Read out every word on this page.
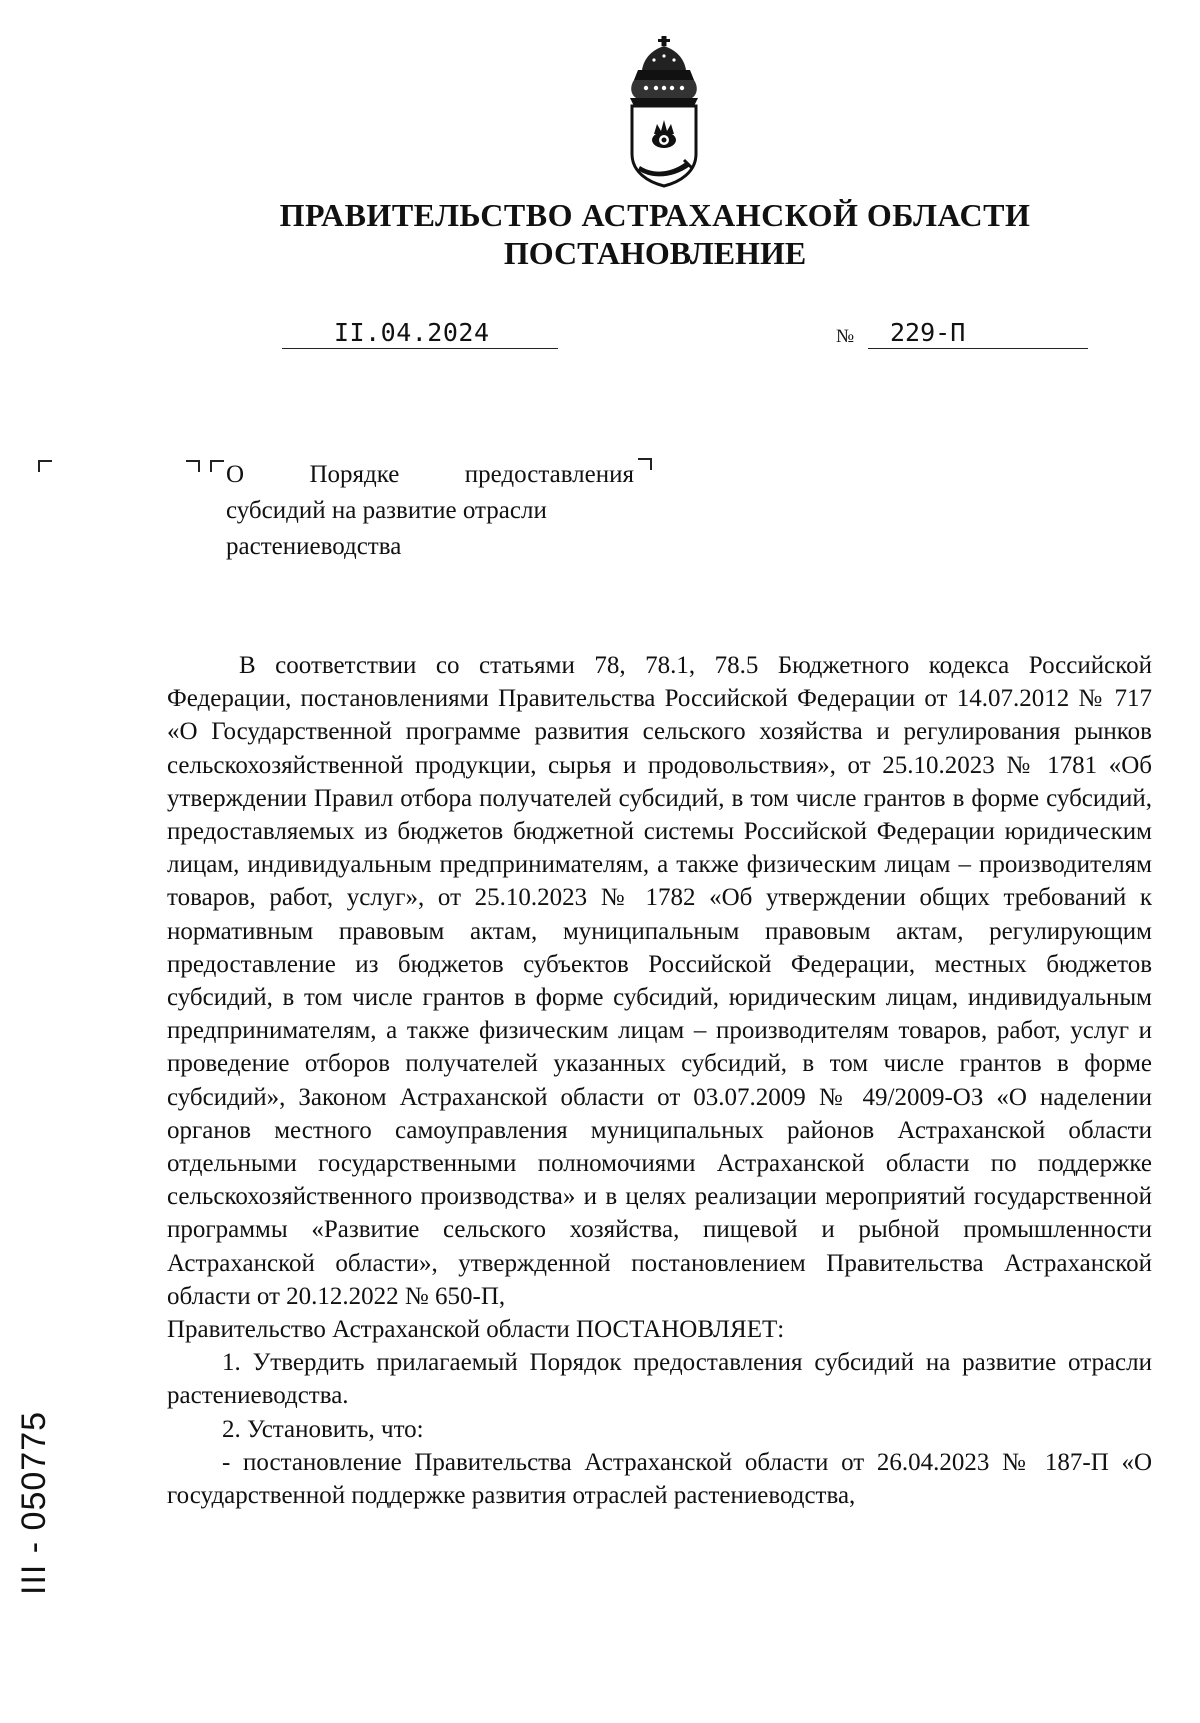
ПРАВИТЕЛЬСТВО АСТРАХАНСКОЙ ОБЛАСТИ
ПОСТАНОВЛЕНИЕ
II.04.2024	№	229-П
О	Порядке	предоставления
субсидий на развитие отрасли
растениеводства

В соответствии со статьями 78, 78.1, 78.5 Бюджетного кодекса Российской Федерации, постановлениями Правительства Российской Федерации от 14.07.2012 № 717 «О Государственной программе развития сельского хозяйства и регулирования рынков сельскохозяйственной продукции, сырья и продовольствия», от 25.10.2023 № 1781 «Об утверждении Правил отбора получателей субсидий, в том числе грантов в форме субсидий, предоставляемых из бюджетов бюджетной системы Российской Федерации юридическим лицам, индивидуальным предпринимателям, а также физическим лицам – производителям товаров, работ, услуг», от 25.10.2023 № 1782 «Об утверждении общих требований к нормативным правовым актам, муниципальным правовым актам, регулирующим предоставление из бюджетов субъектов Российской Федерации, местных бюджетов субсидий, в том числе грантов в форме субсидий, юридическим лицам, индивидуальным предпринимателям, а также физическим лицам – производителям товаров, работ, услуг и проведение отборов получателей указанных субсидий, в том числе грантов в форме субсидий», Законом Астраханской области от 03.07.2009 № 49/2009-ОЗ «О наделении органов местного самоуправления муниципальных районов Астраханской области отдельными государственными полномочиями Астраханской области по поддержке сельскохозяйственного производства» и в целях реализации мероприятий государственной программы «Развитие сельского хозяйства, пищевой и рыбной промышленности Астраханской области», утвержденной постановлением Правительства Астраханской области от 20.12.2022 № 650-П,

Правительство Астраханской области ПОСТАНОВЛЯЕТ:

1. Утвердить прилагаемый Порядок предоставления субсидий на развитие отрасли растениеводства.

2. Установить, что:

- постановление Правительства Астраханской области от 26.04.2023 № 187-П «О государственной поддержке развития отраслей растениеводства,

III - 050775
